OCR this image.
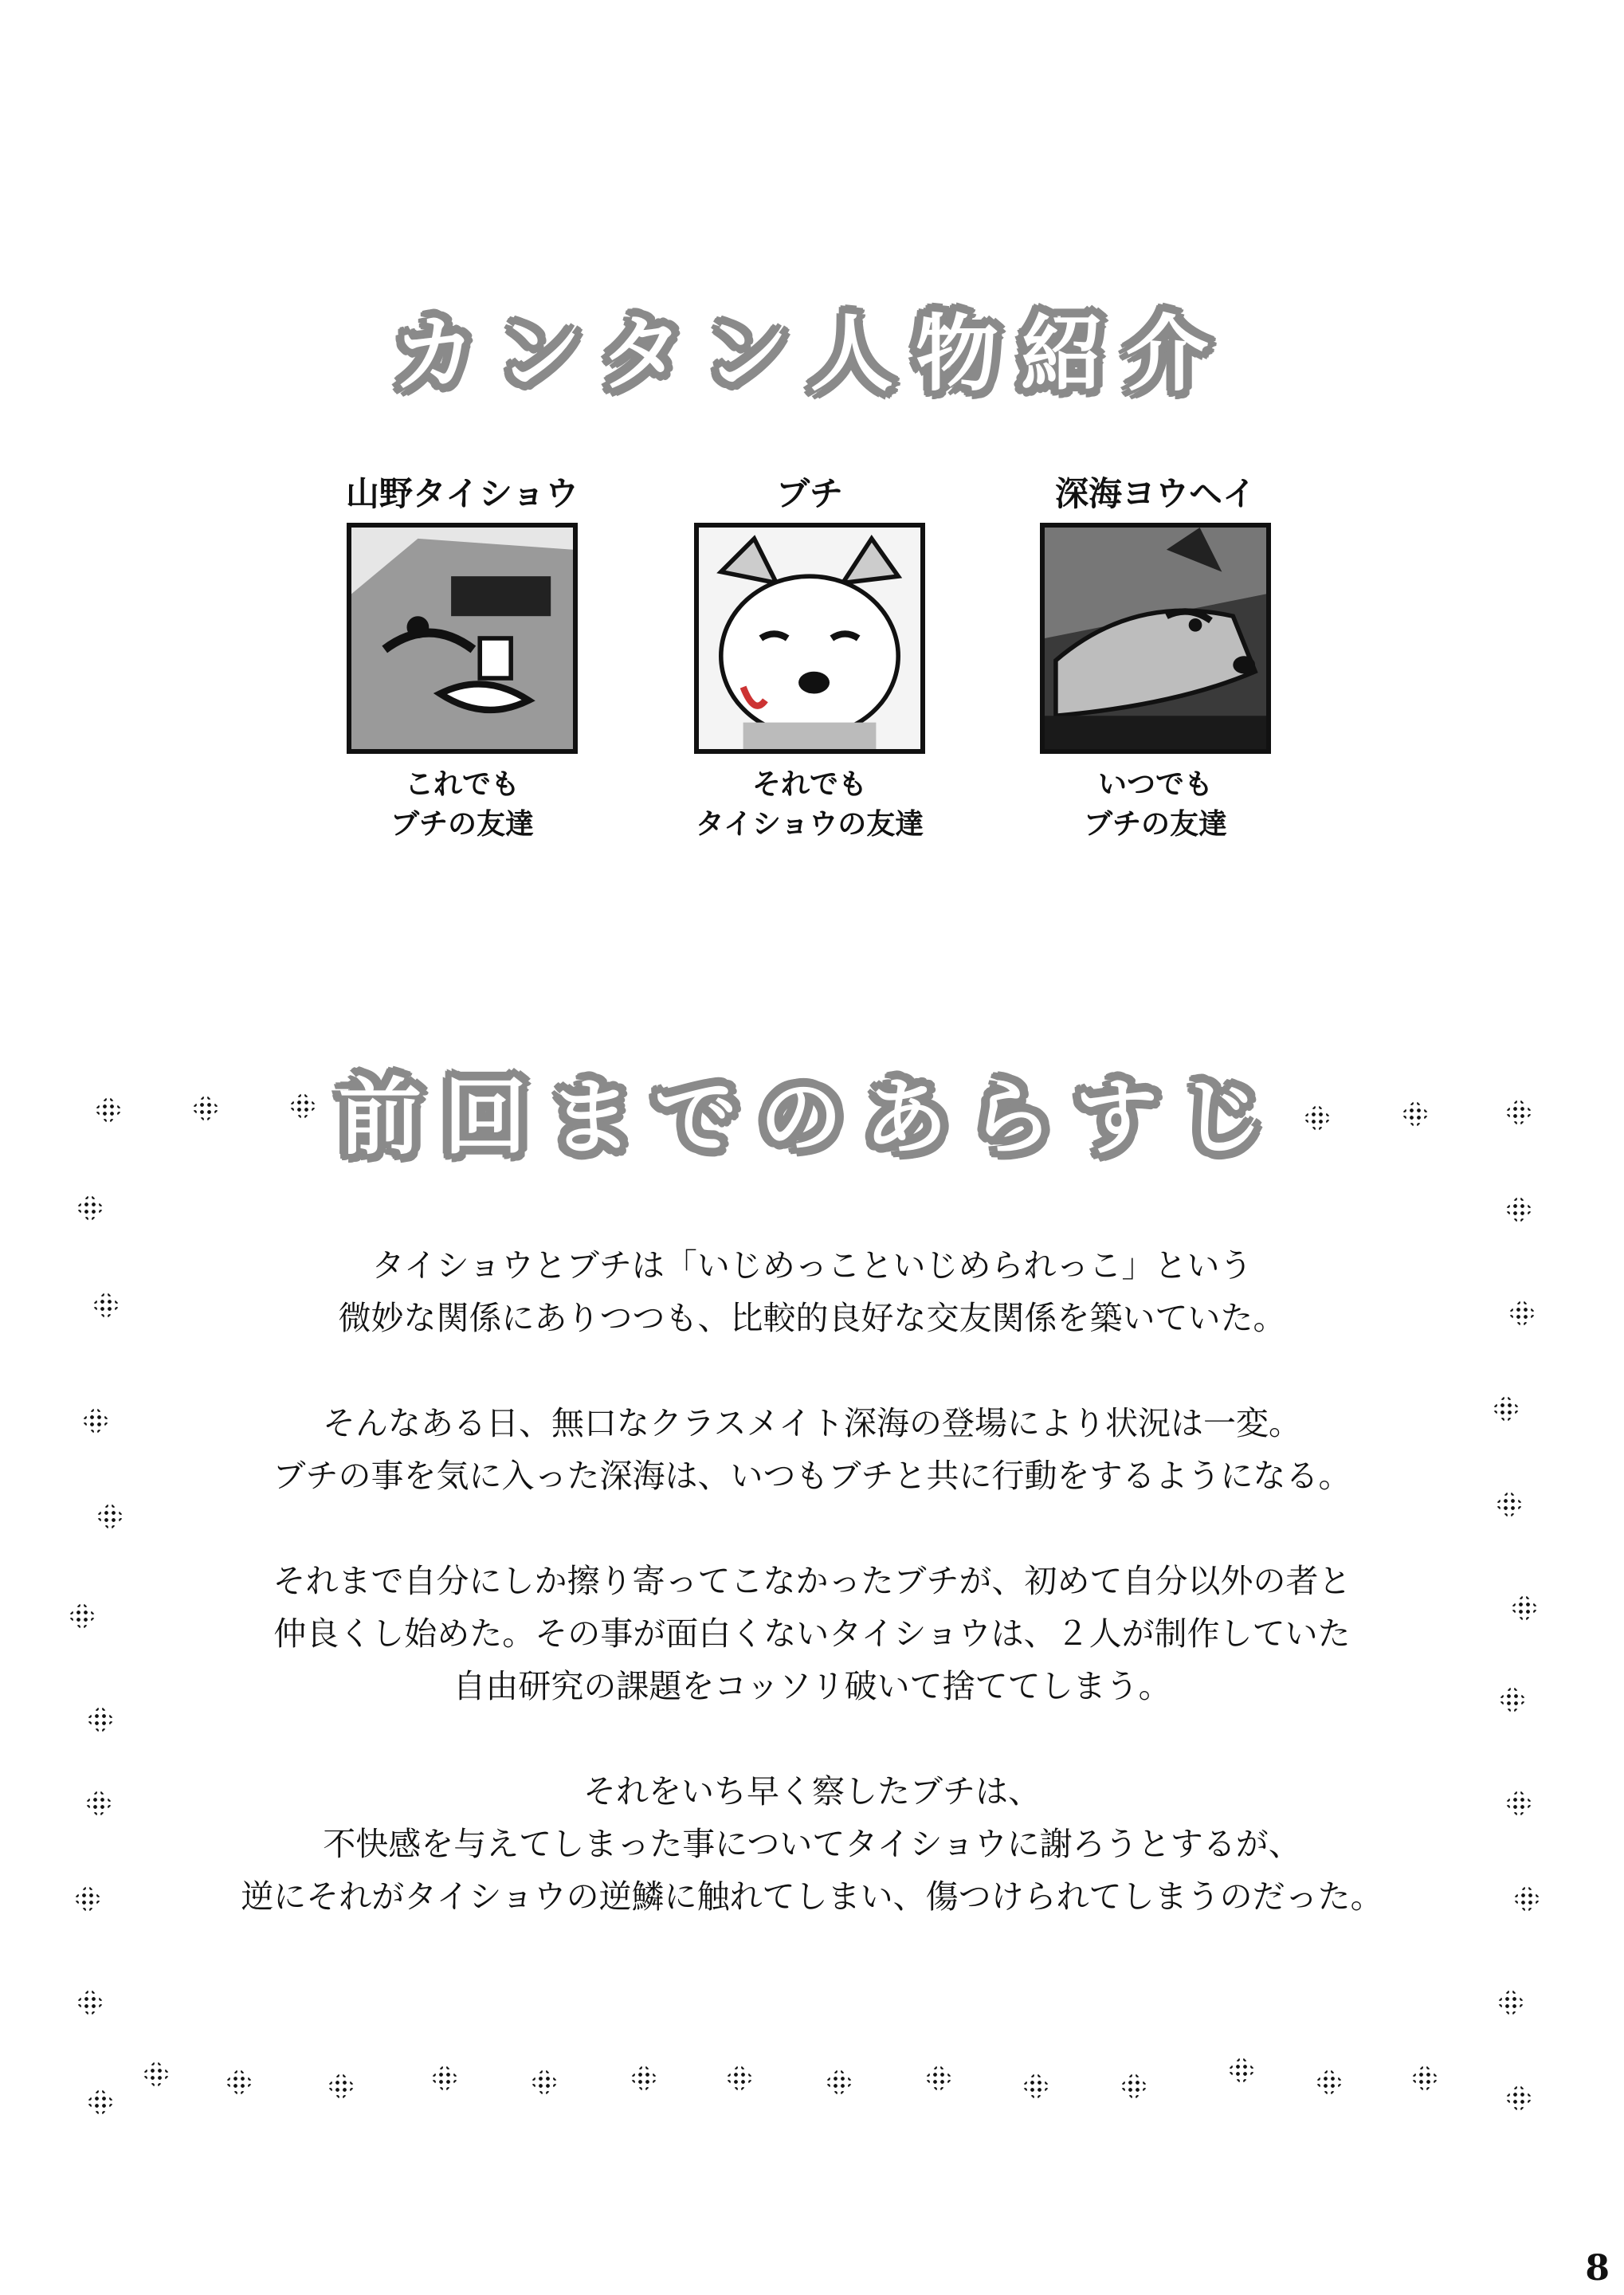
カンタン人物紹介
山野タイショウ
これでも
ブチの友達
ブチ
それでも
タイショウの友達
深海ヨウヘイ
いつでも
ブチの友達
前回までのあらすじ

タイショウとブチは「いじめっこといじめられっこ」という
微妙な関係にありつつも、比較的良好な交友関係を築いていた。

そんなある日、無口なクラスメイト深海の登場により状況は一変。
ブチの事を気に入った深海は、いつもブチと共に行動をするようになる。

それまで自分にしか擦り寄ってこなかったブチが、初めて自分以外の者と
仲良くし始めた。その事が面白くないタイショウは、２人が制作していた
自由研究の課題をコッソリ破いて捨ててしまう。

それをいち早く察したブチは、
不快感を与えてしまった事についてタイショウに謝ろうとするが、
逆にそれがタイショウの逆鱗に触れてしまい、傷つけられてしまうのだった。

8
